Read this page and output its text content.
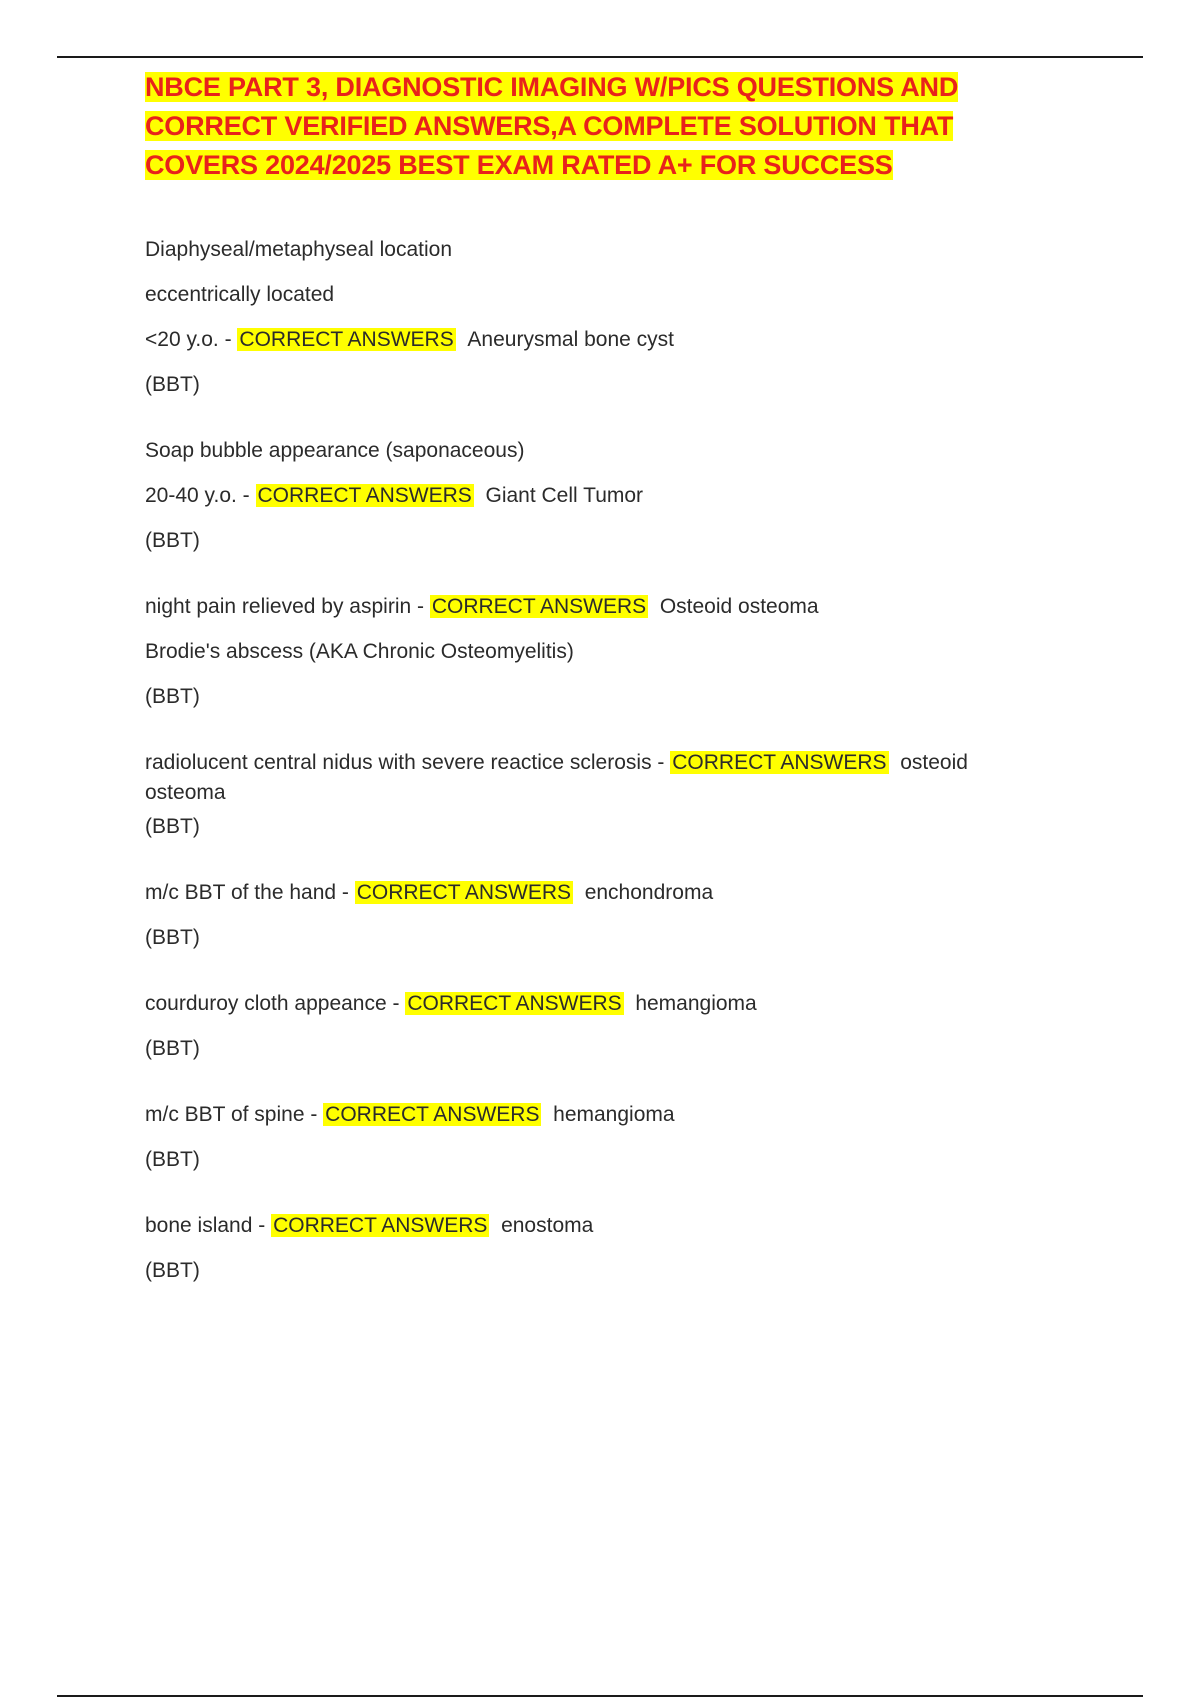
NBCE PART 3, DIAGNOSTIC IMAGING W/PICS QUESTIONS AND
CORRECT VERIFIED ANSWERS,A COMPLETE SOLUTION THAT
COVERS 2024/2025 BEST EXAM RATED A+ FOR SUCCESS

Diaphyseal/metaphyseal location

eccentrically located

<20 y.o. - CORRECT ANSWERS Aneurysmal bone cyst

(BBT)

Soap bubble appearance (saponaceous)

20-40 y.o. - CORRECT ANSWERS Giant Cell Tumor

(BBT)

night pain relieved by aspirin - CORRECT ANSWERS Osteoid osteoma

Brodie's abscess (AKA Chronic Osteomyelitis)

(BBT)

radiolucent central nidus with severe reactice sclerosis - CORRECT ANSWERS osteoid osteoma

(BBT)

m/c BBT of the hand - CORRECT ANSWERS enchondroma

(BBT)

courduroy cloth appeance - CORRECT ANSWERS hemangioma

(BBT)

m/c BBT of spine - CORRECT ANSWERS hemangioma

(BBT)

bone island - CORRECT ANSWERS enostoma

(BBT)
